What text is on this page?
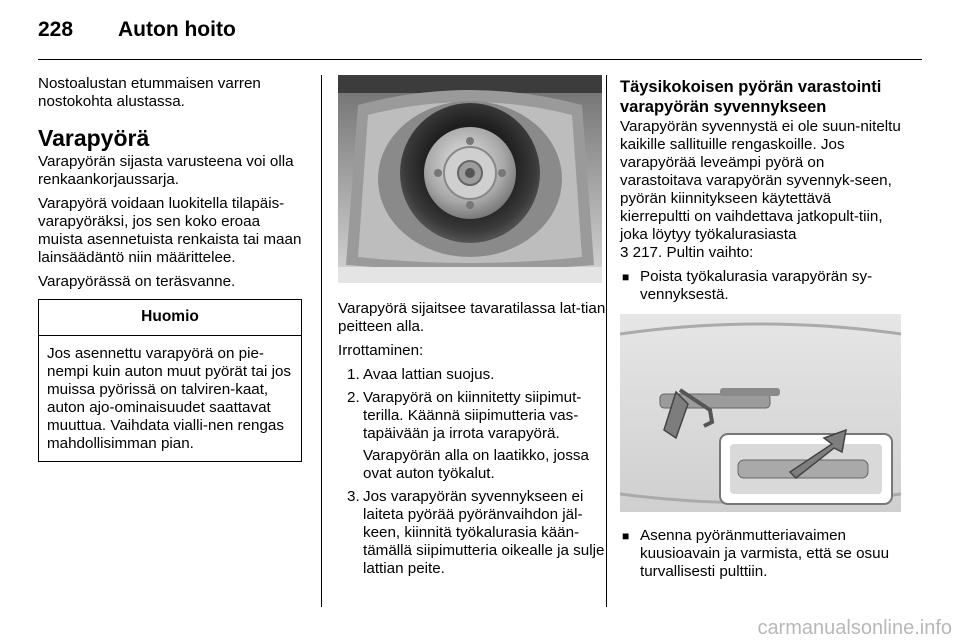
228	Auton hoito

Nostoalustan etummaisen varren nostokohta alustassa.

Varapyörä

Varapyörän sijasta varusteena voi olla renkaankorjaussarja.

Varapyörä voidaan luokitella tilapäis-varapyöräksi, jos sen koko eroaa muista asennetuista renkaista tai maan lainsäädäntö niin määrittelee.

Varapyörässä on teräsvanne.

Huomio
Jos asennettu varapyörä on pie-nempi kuin auton muut pyörät tai jos muissa pyörissä on talviren-kaat, auton ajo-ominaisuudet saattavat muuttua. Vaihdata vialli-nen rengas mahdollisimman pian.

Varapyörä sijaitsee tavaratilassa lat-tian peitteen alla.

Irrottaminen:

1. Avaa lattian suojus.
2. Varapyörä on kiinnitetty siipimut-terilla. Käännä siipimutteria vas-tapäivään ja irrota varapyörä.

Varapyörän alla on laatikko, jossa ovat auton työkalut.

3. Jos varapyörän syvennykseen ei laiteta pyörää pyöränvaihdon jäl-keen, kiinnitä työkalurasia kään-tämällä siipimutteria oikealle ja sulje lattian peite.
Täysikokoisen pyörän varastointi varapyörän syvennykseen

Varapyörän syvennystä ei ole suun-niteltu kaikille sallituille rengaskoille. Jos varapyörää leveämpi pyörä on varastoitava varapyörän syvennyk-seen, pyörän kiinnitykseen käytettävä kierrepultti on vaihdettava jatkopult-tiin, joka löytyy työkalurasiasta

3 217. Pultin vaihto:

■ Poista työkalurasia varapyörän sy-vennyksestä.
■ Asenna pyöränmutteriavaimen kuusioavain ja varmista, että se osuu turvallisesti pulttiin.
carmanualsonline.info
